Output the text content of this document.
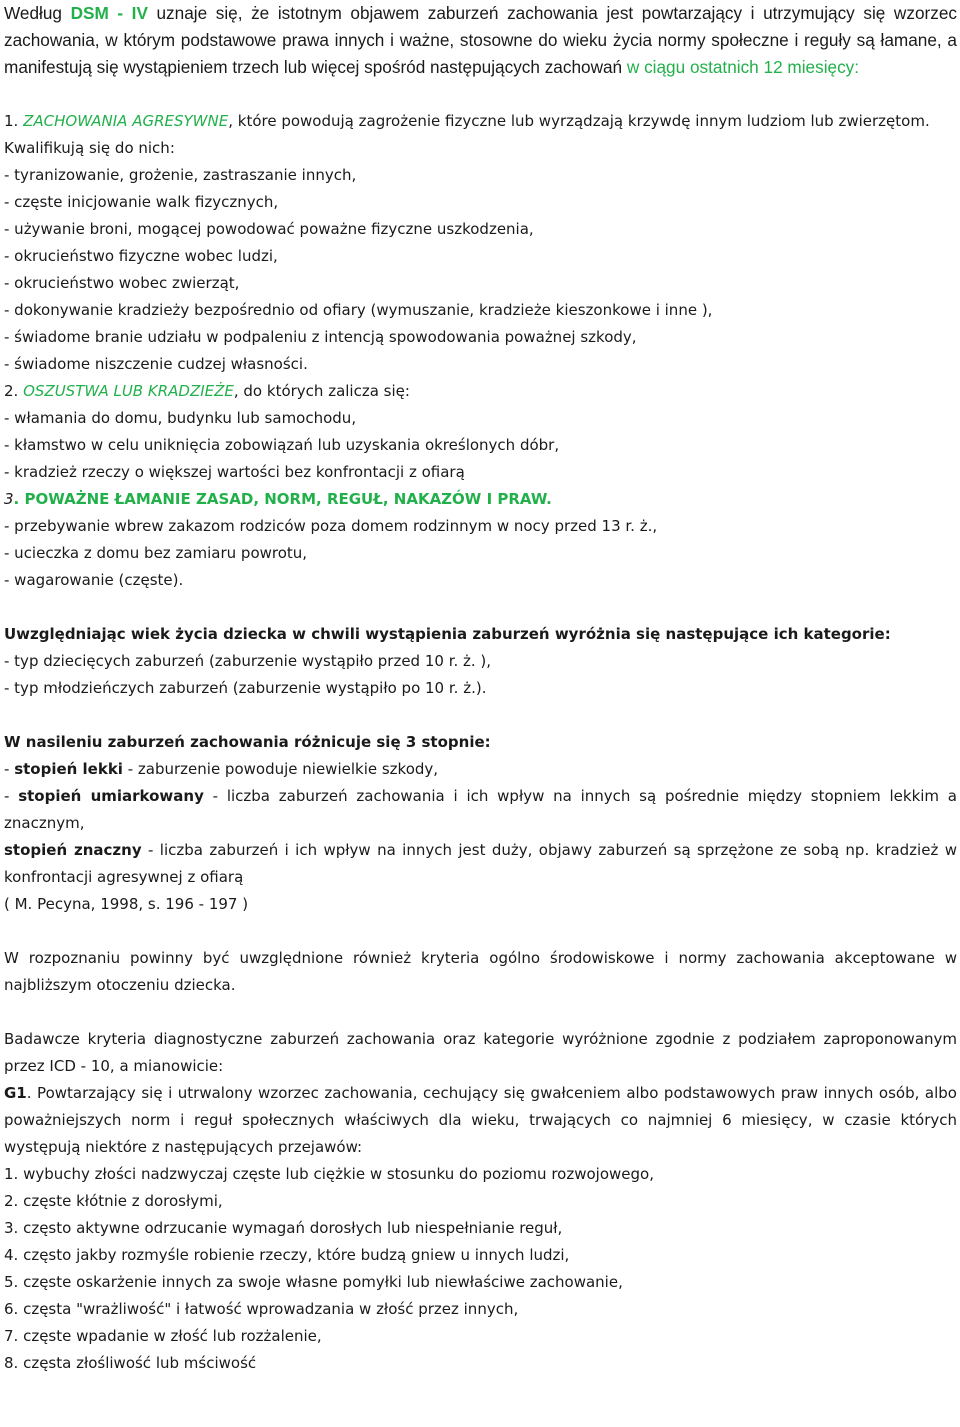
Według DSM - IV uznaje się, że istotnym objawem zaburzeń zachowania jest powtarzający i utrzymujący się wzorzec zachowania, w którym podstawowe prawa innych i ważne, stosowne do wieku życia normy społeczne i reguły są łamane, a manifestują się wystąpieniem trzech lub więcej spośród następujących zachowań w ciągu ostatnich 12 miesięcy:

1. ZACHOWANIA AGRESYWNE, które powodują zagrożenie fizyczne lub wyrządzają krzywdę innym ludziom lub zwierzętom.

Kwalifikują się do nich:
- tyranizowanie, grożenie, zastraszanie innych,
- częste inicjowanie walk fizycznych,
- używanie broni, mogącej powodować poważne fizyczne uszkodzenia,
- okrucieństwo fizyczne wobec ludzi,
- okrucieństwo wobec zwierząt,
- dokonywanie kradzieży bezpośrednio od ofiary (wymuszanie, kradzieże kieszonkowe i inne ),
- świadome branie udziału w podpaleniu z intencją spowodowania poważnej szkody,
- świadome niszczenie cudzej własności.
2. OSZUSTWA LUB KRADZIEŻE, do których zalicza się:
- włamania do domu, budynku lub samochodu,
- kłamstwo w celu uniknięcia zobowiązań lub uzyskania określonych dóbr,
- kradzież rzeczy o większej wartości bez konfrontacji z ofiarą
3. POWAŻNE ŁAMANIE ZASAD, NORM, REGUŁ, NAKAZÓW I PRAW.
- przebywanie wbrew zakazom rodziców poza domem rodzinnym w nocy przed 13 r. ż.,
- ucieczka z domu bez zamiaru powrotu,
- wagarowanie (częste).
Uwzględniając wiek życia dziecka w chwili wystąpienia zaburzeń wyróżnia się następujące ich kategorie:
- typ dziecięcych zaburzeń (zaburzenie wystąpiło przed 10 r. ż. ),
- typ młodzieńczych zaburzeń (zaburzenie wystąpiło po 10 r. ż.).
W nasileniu zaburzeń zachowania różnicuje się 3 stopnie:
- stopień lekki - zaburzenie powoduje niewielkie szkody,

- stopień umiarkowany - liczba zaburzeń zachowania i ich wpływ na innych są pośrednie między stopniem lekkim a znacznym,

stopień znaczny - liczba zaburzeń i ich wpływ na innych jest duży, objawy zaburzeń są sprzężone ze sobą np. kradzież w konfrontacji agresywnej z ofiarą

( M. Pecyna, 1998, s. 196 - 197 )

W rozpoznaniu powinny być uwzględnione również kryteria ogólno środowiskowe i normy zachowania akceptowane w najbliższym otoczeniu dziecka.

Badawcze kryteria diagnostyczne zaburzeń zachowania oraz kategorie wyróżnione zgodnie z podziałem zaproponowanym przez ICD - 10, a mianowicie:

G1. Powtarzający się i utrwalony wzorzec zachowania, cechujący się gwałceniem albo podstawowych praw innych osób, albo poważniejszych norm i reguł społecznych właściwych dla wieku, trwających co najmniej 6 miesięcy, w czasie których występują niektóre z następujących przejawów:

1. wybuchy złości nadzwyczaj częste lub ciężkie w stosunku do poziomu rozwojowego,
2. częste kłótnie z dorosłymi,
3. często aktywne odrzucanie wymagań dorosłych lub niespełnianie reguł,
4. często jakby rozmyśle robienie rzeczy, które budzą gniew u innych ludzi,
5. częste oskarżenie innych za swoje własne pomyłki lub niewłaściwe zachowanie,
6. częsta "wrażliwość" i łatwość wprowadzania w złość przez innych,
7. częste wpadanie w złość lub rozżalenie,
8. częsta złośliwość lub mściwość
